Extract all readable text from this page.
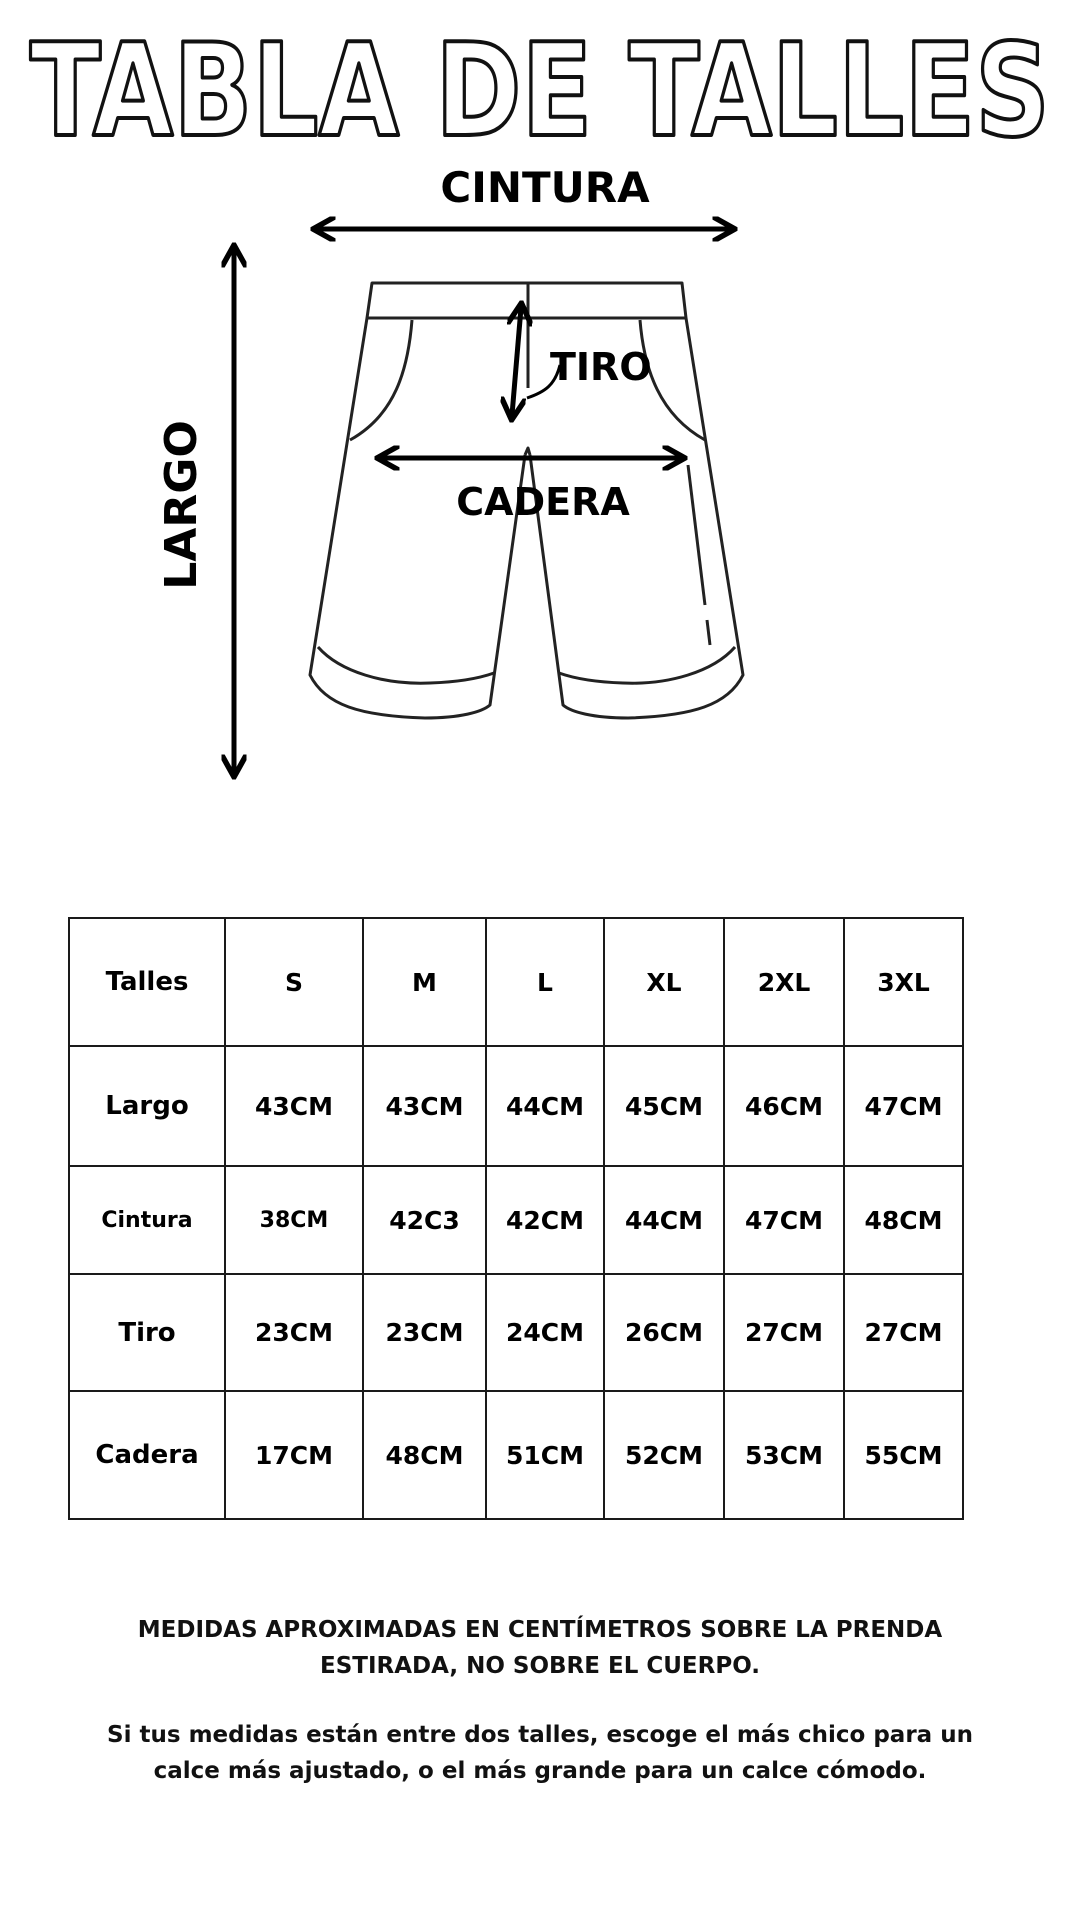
TABLA DE TALLES
CINTURA
LARGO
TIRO
CADERA
Talles	S	M	L	XL	2XL	3XL
Largo	43CM	43CM	44CM	45CM	46CM	47CM
Cintura	38CM	42C3	42CM	44CM	47CM	48CM
Tiro	23CM	23CM	24CM	26CM	27CM	27CM
Cadera	17CM	48CM	51CM	52CM	53CM	55CM
MEDIDAS APROXIMADAS EN CENTÍMETROS SOBRE LA PRENDA ESTIRADA, NO SOBRE EL CUERPO.
Si tus medidas están entre dos talles, escoge el más chico para un calce más ajustado, o el más grande para un calce cómodo.
